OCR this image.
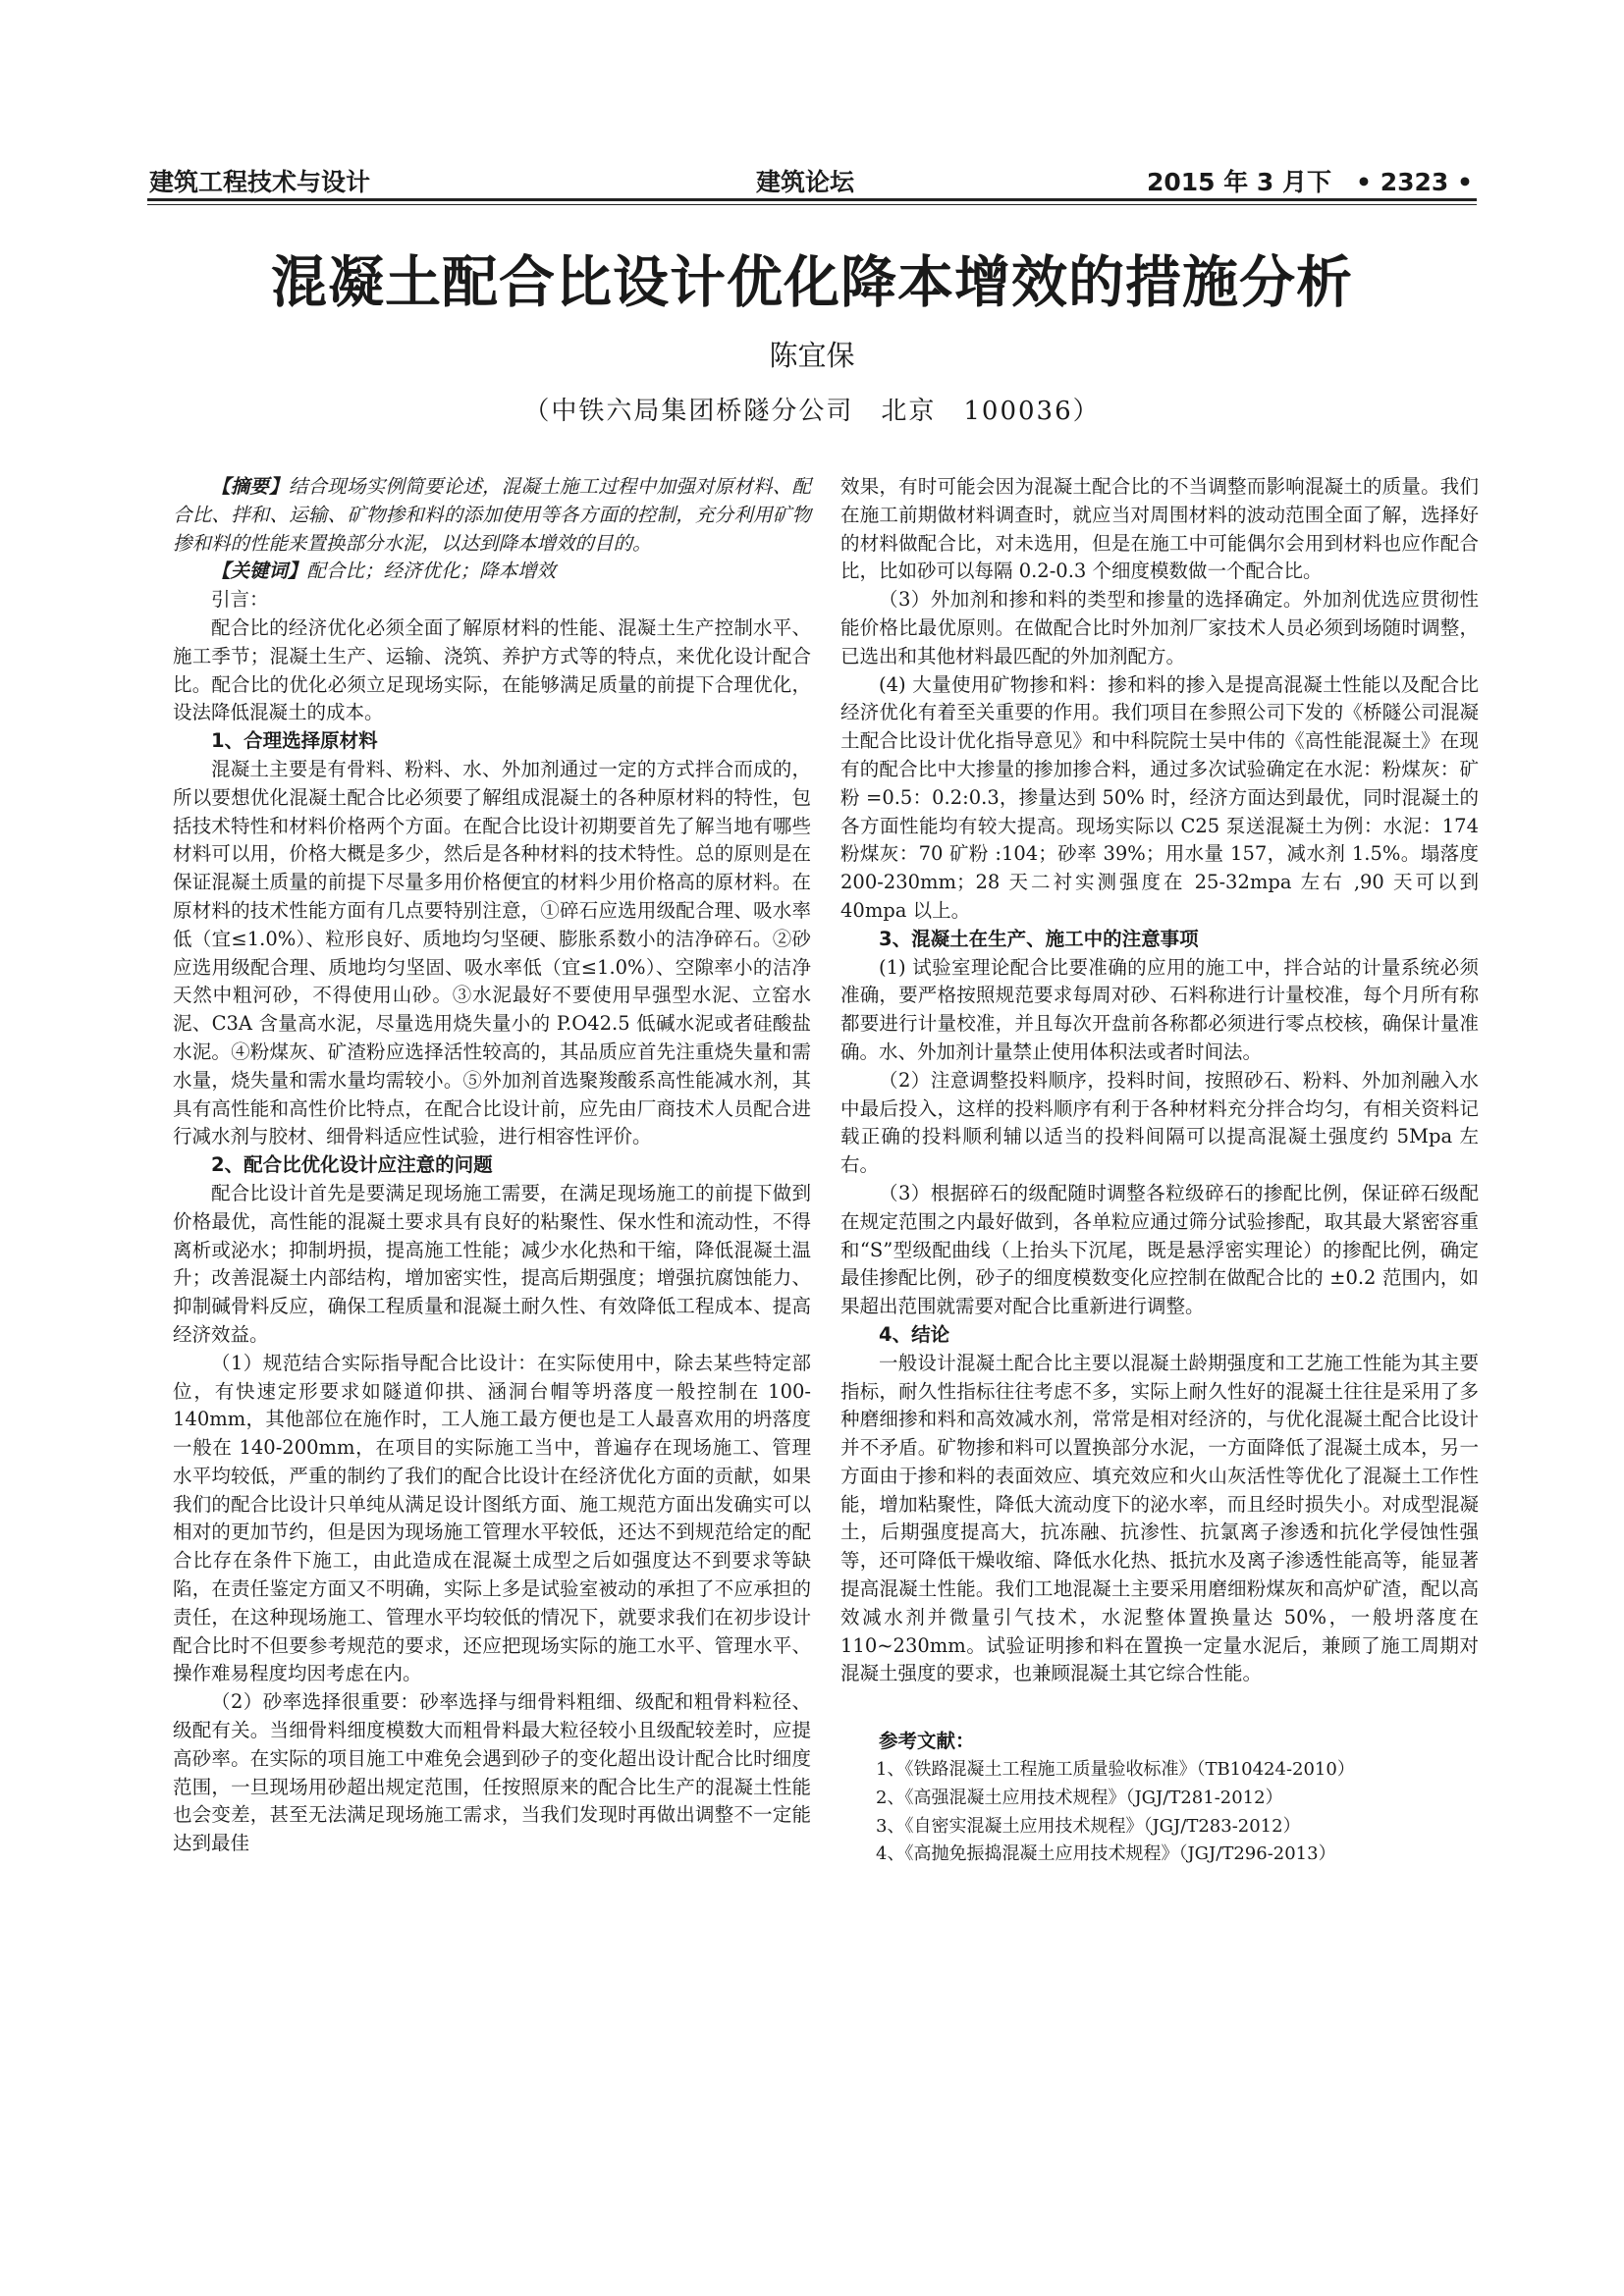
建筑工程技术与设计	建筑论坛	2015 年 3 月下　 • 2323 •
混凝土配合比设计优化降本增效的措施分析
陈宜保
（中铁六局集团桥隧分公司　北京　100036）

【摘要】结合现场实例简要论述，混凝土施工过程中加强对原材料、配合比、拌和、运输、矿物掺和料的添加使用等各方面的控制，充分利用矿物掺和料的性能来置换部分水泥，以达到降本增效的目的。

【关键词】配合比；经济优化；降本增效

引言：

配合比的经济优化必须全面了解原材料的性能、混凝土生产控制水平、施工季节；混凝土生产、运输、浇筑、养护方式等的特点，来优化设计配合比。配合比的优化必须立足现场实际，在能够满足质量的前提下合理优化，设法降低混凝土的成本。

1、合理选择原材料

混凝土主要是有骨料、粉料、水、外加剂通过一定的方式拌合而成的，所以要想优化混凝土配合比必须要了解组成混凝土的各种原材料的特性，包括技术特性和材料价格两个方面。在配合比设计初期要首先了解当地有哪些材料可以用，价格大概是多少，然后是各种材料的技术特性。总的原则是在保证混凝土质量的前提下尽量多用价格便宜的材料少用价格高的原材料。在原材料的技术性能方面有几点要特别注意，①碎石应选用级配合理、吸水率低（宜≤1.0%）、粒形良好、质地均匀坚硬、膨胀系数小的洁净碎石。②砂应选用级配合理、质地均匀坚固、吸水率低（宜≤1.0%）、空隙率小的洁净天然中粗河砂，不得使用山砂。③水泥最好不要使用早强型水泥、立窑水泥、C3A 含量高水泥，尽量选用烧失量小的 P.O42.5 低碱水泥或者硅酸盐水泥。④粉煤灰、矿渣粉应选择活性较高的，其品质应首先注重烧失量和需水量，烧失量和需水量均需较小。⑤外加剂首选聚羧酸系高性能减水剂，其具有高性能和高性价比特点，在配合比设计前，应先由厂商技术人员配合进行减水剂与胶材、细骨料适应性试验，进行相容性评价。

2、配合比优化设计应注意的问题

配合比设计首先是要满足现场施工需要，在满足现场施工的前提下做到价格最优，高性能的混凝土要求具有良好的粘聚性、保水性和流动性，不得离析或泌水；抑制坍损，提高施工性能；减少水化热和干缩，降低混凝土温升；改善混凝土内部结构，增加密实性，提高后期强度；增强抗腐蚀能力、抑制碱骨料反应，确保工程质量和混凝土耐久性、有效降低工程成本、提高经济效益。

（1）规范结合实际指导配合比设计：在实际使用中，除去某些特定部位，有快速定形要求如隧道仰拱、涵洞台帽等坍落度一般控制在 100-140mm，其他部位在施作时，工人施工最方便也是工人最喜欢用的坍落度一般在 140-200mm，在项目的实际施工当中，普遍存在现场施工、管理水平均较低，严重的制约了我们的配合比设计在经济优化方面的贡献，如果我们的配合比设计只单纯从满足设计图纸方面、施工规范方面出发确实可以相对的更加节约，但是因为现场施工管理水平较低，还达不到规范给定的配合比存在条件下施工，由此造成在混凝土成型之后如强度达不到要求等缺陷，在责任鉴定方面又不明确，实际上多是试验室被动的承担了不应承担的责任，在这种现场施工、管理水平均较低的情况下，就要求我们在初步设计配合比时不但要参考规范的要求，还应把现场实际的施工水平、管理水平、操作难易程度均因考虑在内。

（2）砂率选择很重要：砂率选择与细骨料粗细、级配和粗骨料粒径、级配有关。当细骨料细度模数大而粗骨料最大粒径较小且级配较差时，应提高砂率。在实际的项目施工中难免会遇到砂子的变化超出设计配合比时细度范围，一旦现场用砂超出规定范围，任按照原来的配合比生产的混凝土性能也会变差，甚至无法满足现场施工需求，当我们发现时再做出调整不一定能达到最佳

效果，有时可能会因为混凝土配合比的不当调整而影响混凝土的质量。我们在施工前期做材料调查时，就应当对周围材料的波动范围全面了解，选择好的材料做配合比，对未选用，但是在施工中可能偶尔会用到材料也应作配合比，比如砂可以每隔 0.2-0.3 个细度模数做一个配合比。

（3）外加剂和掺和料的类型和掺量的选择确定。外加剂优选应贯彻性能价格比最优原则。在做配合比时外加剂厂家技术人员必须到场随时调整，已选出和其他材料最匹配的外加剂配方。

(4) 大量使用矿物掺和料：掺和料的掺入是提高混凝土性能以及配合比经济优化有着至关重要的作用。我们项目在参照公司下发的《桥隧公司混凝土配合比设计优化指导意见》和中科院院士吴中伟的《高性能混凝土》在现有的配合比中大掺量的掺加掺合料，通过多次试验确定在水泥：粉煤灰：矿粉 =0.5：0.2:0.3，掺量达到 50% 时，经济方面达到最优，同时混凝土的各方面性能均有较大提高。现场实际以 C25 泵送混凝土为例：水泥：174 粉煤灰：70 矿粉 :104；砂率 39%；用水量 157，减水剂 1.5%。塌落度 200-230mm；28 天二衬实测强度在 25-32mpa 左右 ,90 天可以到 40mpa 以上。

3、混凝土在生产、施工中的注意事项

(1) 试验室理论配合比要准确的应用的施工中，拌合站的计量系统必须准确，要严格按照规范要求每周对砂、石料称进行计量校准，每个月所有称都要进行计量校准，并且每次开盘前各称都必须进行零点校核，确保计量准确。水、外加剂计量禁止使用体积法或者时间法。

（2）注意调整投料顺序，投料时间，按照砂石、粉料、外加剂融入水中最后投入，这样的投料顺序有利于各种材料充分拌合均匀，有相关资料记载正确的投料顺利辅以适当的投料间隔可以提高混凝土强度约 5Mpa 左右。

（3）根据碎石的级配随时调整各粒级碎石的掺配比例，保证碎石级配在规定范围之内最好做到，各单粒应通过筛分试验掺配，取其最大紧密容重和“S”型级配曲线（上抬头下沉尾，既是悬浮密实理论）的掺配比例，确定最佳掺配比例，砂子的细度模数变化应控制在做配合比的 ±0.2 范围内，如果超出范围就需要对配合比重新进行调整。

4、结论

一般设计混凝土配合比主要以混凝土龄期强度和工艺施工性能为其主要指标，耐久性指标往往考虑不多，实际上耐久性好的混凝土往往是采用了多种磨细掺和料和高效减水剂，常常是相对经济的，与优化混凝土配合比设计并不矛盾。矿物掺和料可以置换部分水泥，一方面降低了混凝土成本，另一方面由于掺和料的表面效应、填充效应和火山灰活性等优化了混凝土工作性能，增加粘聚性，降低大流动度下的泌水率，而且经时损失小。对成型混凝土，后期强度提高大，抗冻融、抗渗性、抗氯离子渗透和抗化学侵蚀性强等，还可降低干燥收缩、降低水化热、抵抗水及离子渗透性能高等，能显著提高混凝土性能。我们工地混凝土主要采用磨细粉煤灰和高炉矿渣，配以高效减水剂并微量引气技术，水泥整体置换量达 50%，一般坍落度在 110~230mm。试验证明掺和料在置换一定量水泥后，兼顾了施工周期对混凝土强度的要求，也兼顾混凝土其它综合性能。

参考文献：

1、《铁路混凝土工程施工质量验收标准》（TB10424-2010）

2、《高强混凝土应用技术规程》（JGJ/T281-2012）

3、《自密实混凝土应用技术规程》（JGJ/T283-2012）

4、《高抛免振捣混凝土应用技术规程》（JGJ/T296-2013）
